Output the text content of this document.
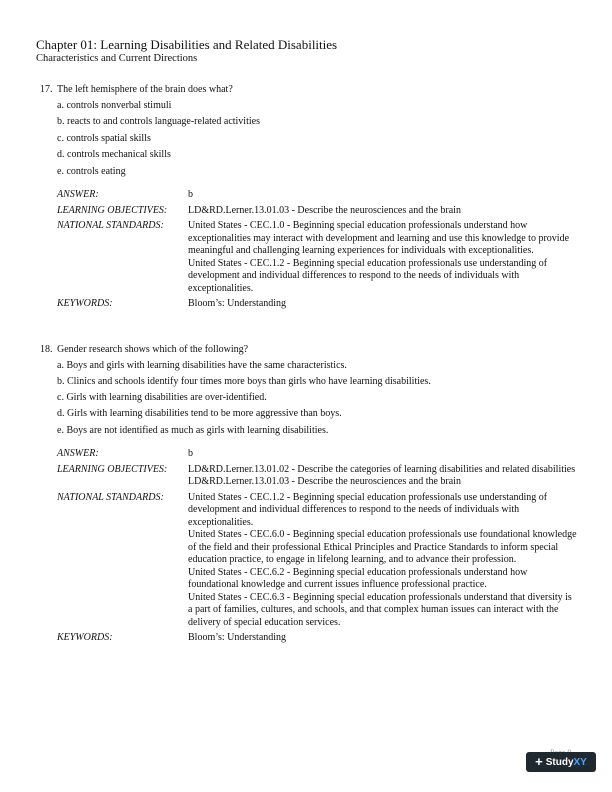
Chapter 01: Learning Disabilities and Related Disabilities
Characteristics and Current Directions
17. The left hemisphere of the brain does what?
a. controls nonverbal stimuli
b. reacts to and controls language-related activities
c. controls spatial skills
d. controls mechanical skills
e. controls eating
ANSWER:	b
LEARNING OBJECTIVES:	LD&RD.Lerner.13.01.03 - Describe the neurosciences and the brain
NATIONAL STANDARDS:	United States - CEC.1.0 - Beginning special education professionals understand how exceptionalities may interact with development and learning and use this knowledge to provide meaningful and challenging learning experiences for individuals with exceptionalities.
United States - CEC.1.2 - Beginning special education professionals use understanding of development and individual differences to respond to the needs of individuals with exceptionalities.
KEYWORDS:	Bloom’s: Understanding
18. Gender research shows which of the following?
a. Boys and girls with learning disabilities have the same characteristics.
b. Clinics and schools identify four times more boys than girls who have learning disabilities.
c. Girls with learning disabilities are over-identified.
d. Girls with learning disabilities tend to be more aggressive than boys.
e. Boys are not identified as much as girls with learning disabilities.
ANSWER:	b
LEARNING OBJECTIVES:	LD&RD.Lerner.13.01.02 - Describe the categories of learning disabilities and related disabilities
LD&RD.Lerner.13.01.03 - Describe the neurosciences and the brain
NATIONAL STANDARDS:	United States - CEC.1.2 - Beginning special education professionals use understanding of development and individual differences to respond to the needs of individuals with exceptionalities.
United States - CEC.6.0 - Beginning special education professionals use foundational knowledge of the field and their professional Ethical Principles and Practice Standards to inform special education practice, to engage in lifelong learning, and to advance their profession.
United States - CEC.6.2 - Beginning special education professionals understand how foundational knowledge and current issues influence professional practice.
United States - CEC.6.3 - Beginning special education professionals understand that diversity is a part of families, cultures, and schools, and that complex human issues can interact with the delivery of special education services.
KEYWORDS:	Bloom’s: Understanding
+ StudyXY
